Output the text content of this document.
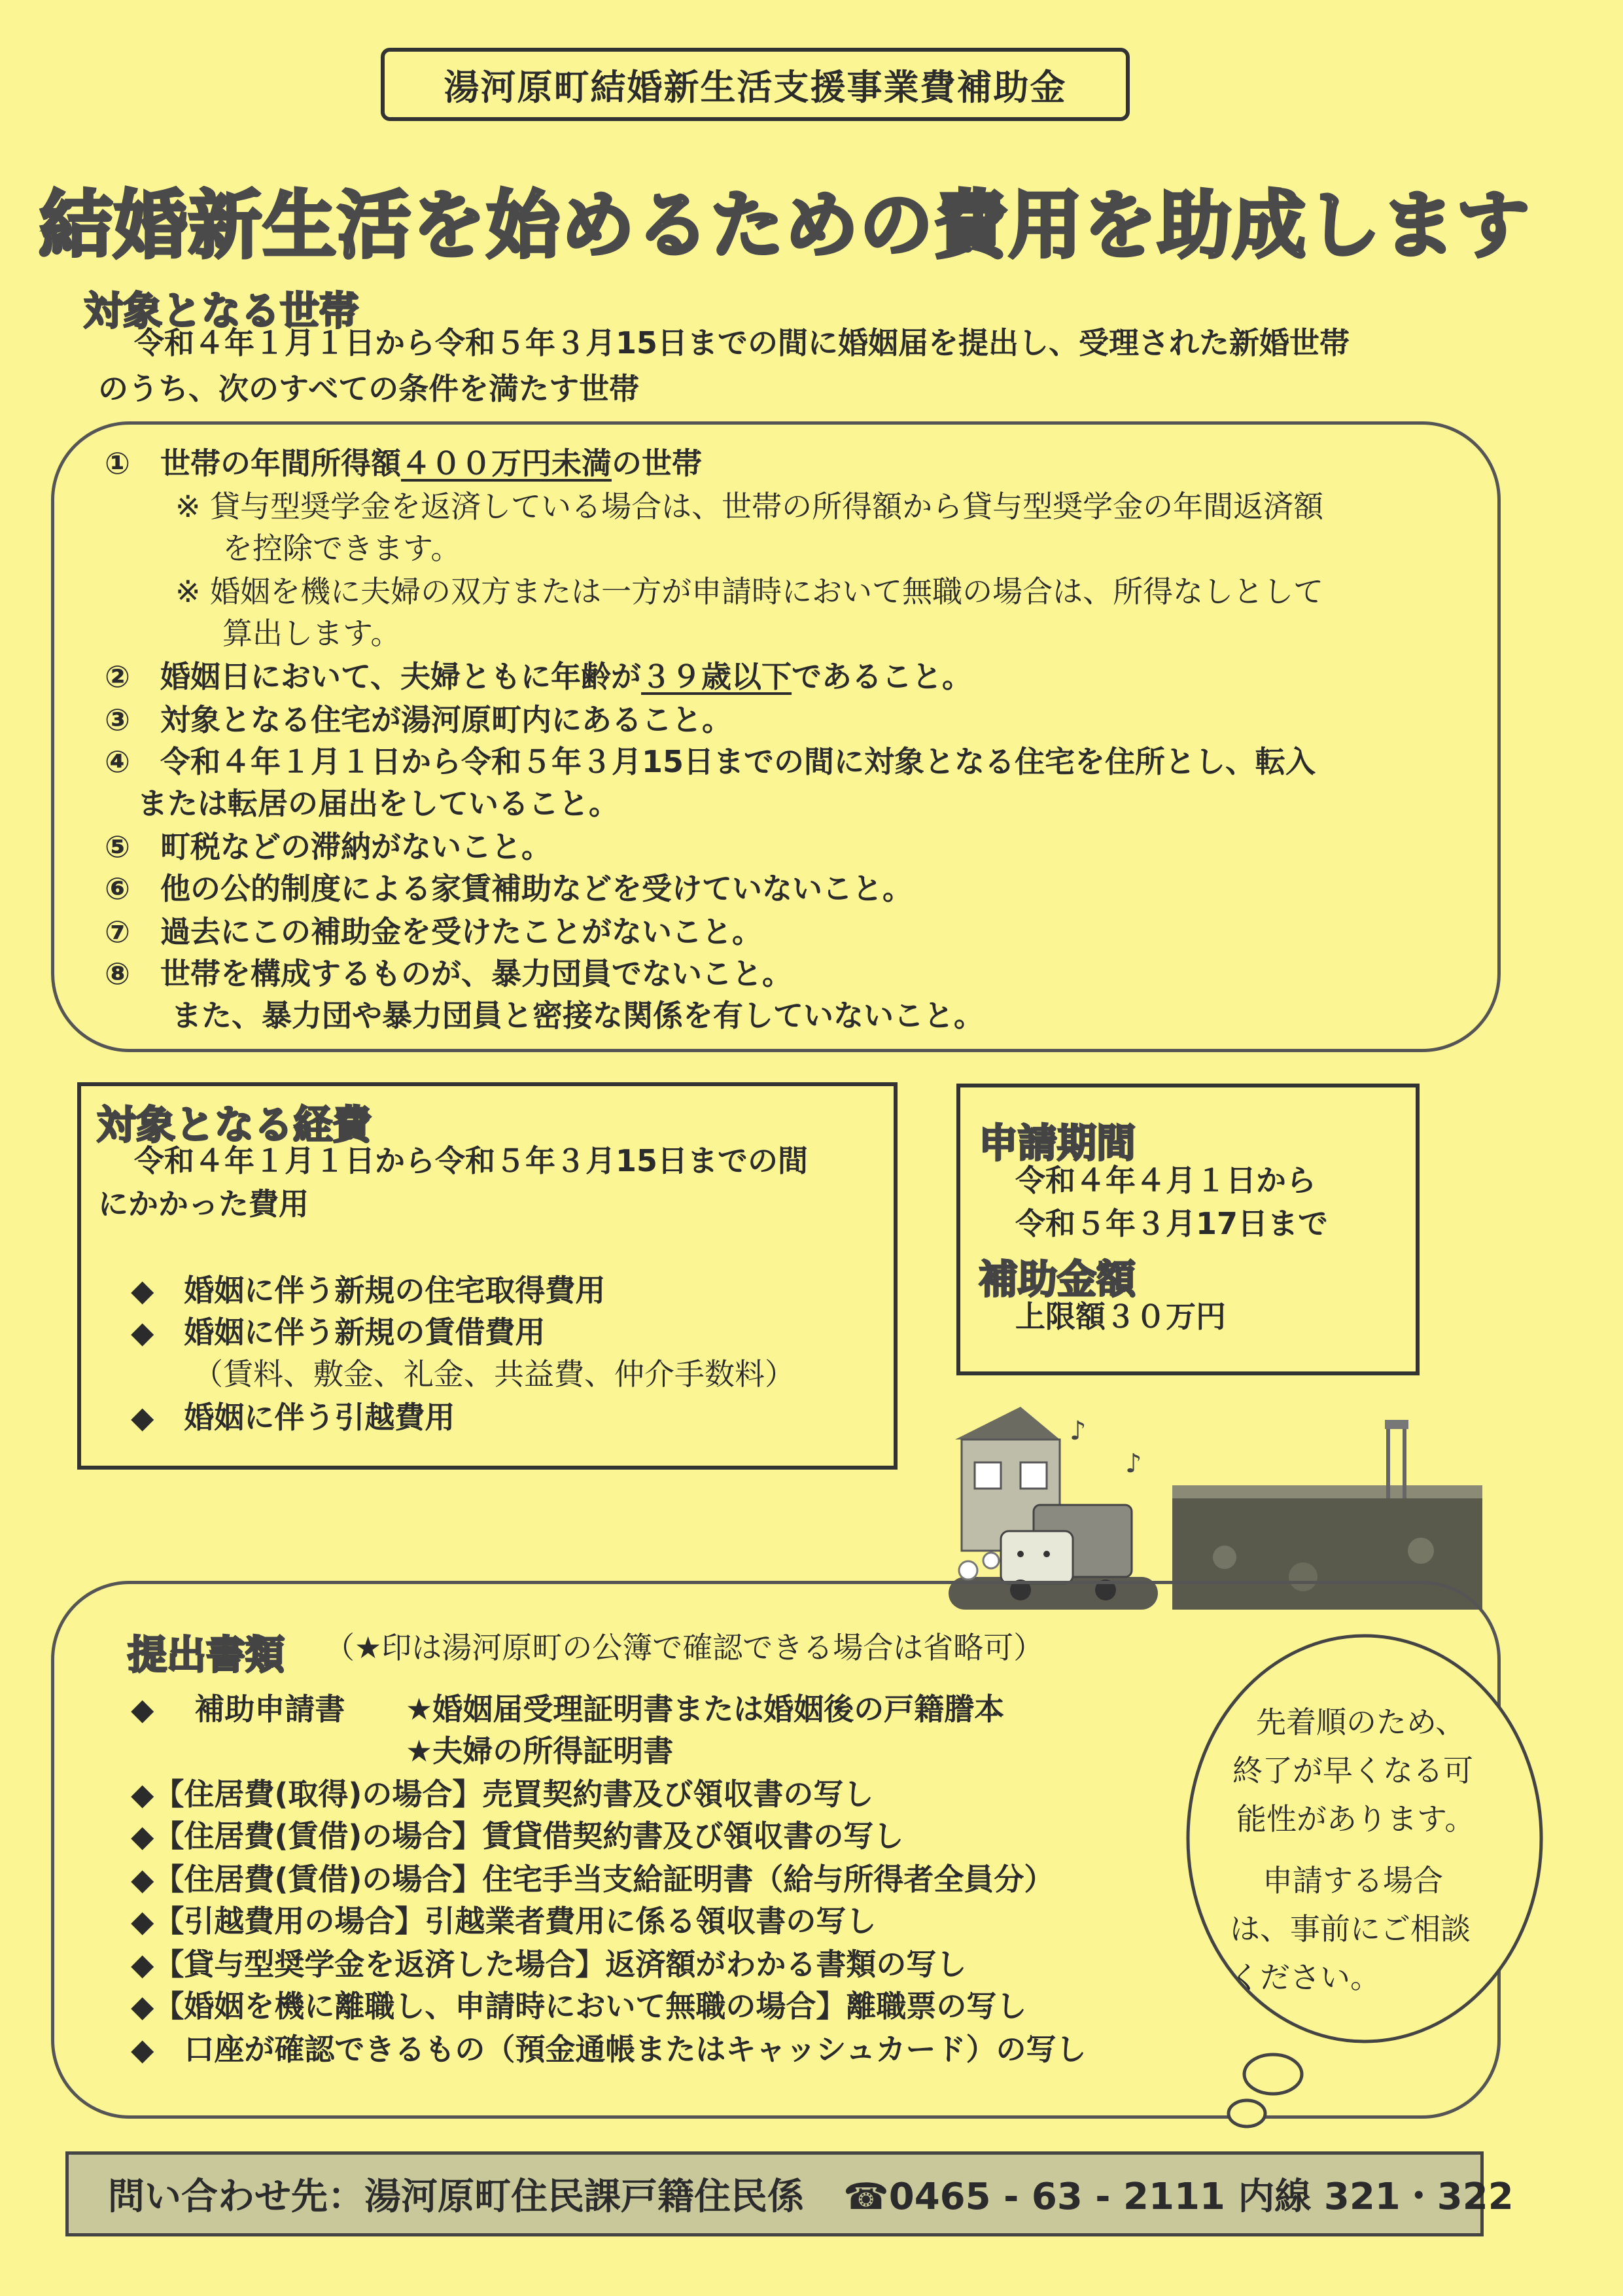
湯河原町結婚新生活支援事業費補助金
結婚新生活を始めるための費用を助成します
対象となる世帯
令和４年１月１日から令和５年３月15日までの間に婚姻届を提出し、受理された新婚世帯
のうち、次のすべての条件を満たす世帯
①　世帯の年間所得額４００万円未満の世帯
※ 貸与型奨学金を返済している場合は、世帯の所得額から貸与型奨学金の年間返済額
を控除できます。
※ 婚姻を機に夫婦の双方または一方が申請時において無職の場合は、所得なしとして
算出します。
②　婚姻日において、夫婦ともに年齢が３９歳以下であること。
③　対象となる住宅が湯河原町内にあること。
④　令和４年１月１日から令和５年３月15日までの間に対象となる住宅を住所とし、転入
または転居の届出をしていること。
⑤　町税などの滞納がないこと。
⑥　他の公的制度による家賃補助などを受けていないこと。
⑦　過去にこの補助金を受けたことがないこと。
⑧　世帯を構成するものが、暴力団員でないこと。
また、暴力団や暴力団員と密接な関係を有していないこと。
対象となる経費
令和４年１月１日から令和５年３月15日までの間
にかかった費用
◆　婚姻に伴う新規の住宅取得費用
◆　婚姻に伴う新規の賃借費用
（賃料、敷金、礼金、共益費、仲介手数料）
◆　婚姻に伴う引越費用
申請期間
令和４年４月１日から
令和５年３月17日まで
補助金額
上限額３０万円
♪
♪
提出書類 （★印は湯河原町の公簿で確認できる場合は省略可）
◆　 補助申請書 ★婚姻届受理証明書または婚姻後の戸籍謄本
★夫婦の所得証明書
◆【住居費(取得)の場合】売買契約書及び領収書の写し
◆【住居費(賃借)の場合】賃貸借契約書及び領収書の写し
◆【住居費(賃借)の場合】住宅手当支給証明書（給与所得者全員分）
◆【引越費用の場合】引越業者費用に係る領収書の写し
◆【貸与型奨学金を返済した場合】返済額がわかる書類の写し
◆【婚姻を機に離職し、申請時において無職の場合】離職票の写し
◆　口座が確認できるもの（預金通帳またはキャッシュカード）の写し
先着順のため、
終了が早くなる可
能性があります。
申請する場合
は、事前にご相談
ください。
問い合わせ先：湯河原町住民課戸籍住民係 ☎0465 - 63 - 2111 内線 321・322
